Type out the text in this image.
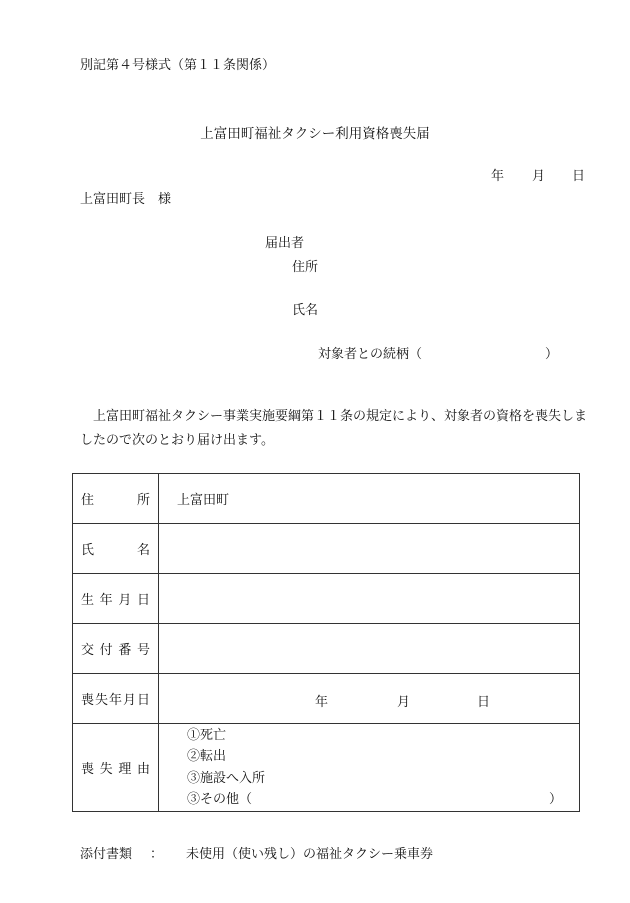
別記第４号様式（第１１条関係）
上富田町福祉タクシー利用資格喪失届
年 月 日
上富田町長　様
届出者
住所
氏名
対象者との続柄（	）
上富田町福祉タクシー事業実施要綱第１１条の規定により、対象者の資格を喪失しましたので次のとおり届け出ます。
住所	上富田町
氏名	
生年月日	
交付番号	
喪失年月日	年 月 日

喪失理由	①死亡
②転出
③施設へ入所
③その他（ ）
添付書類 ： 未使用（使い残し）の福祉タクシー乗車券
